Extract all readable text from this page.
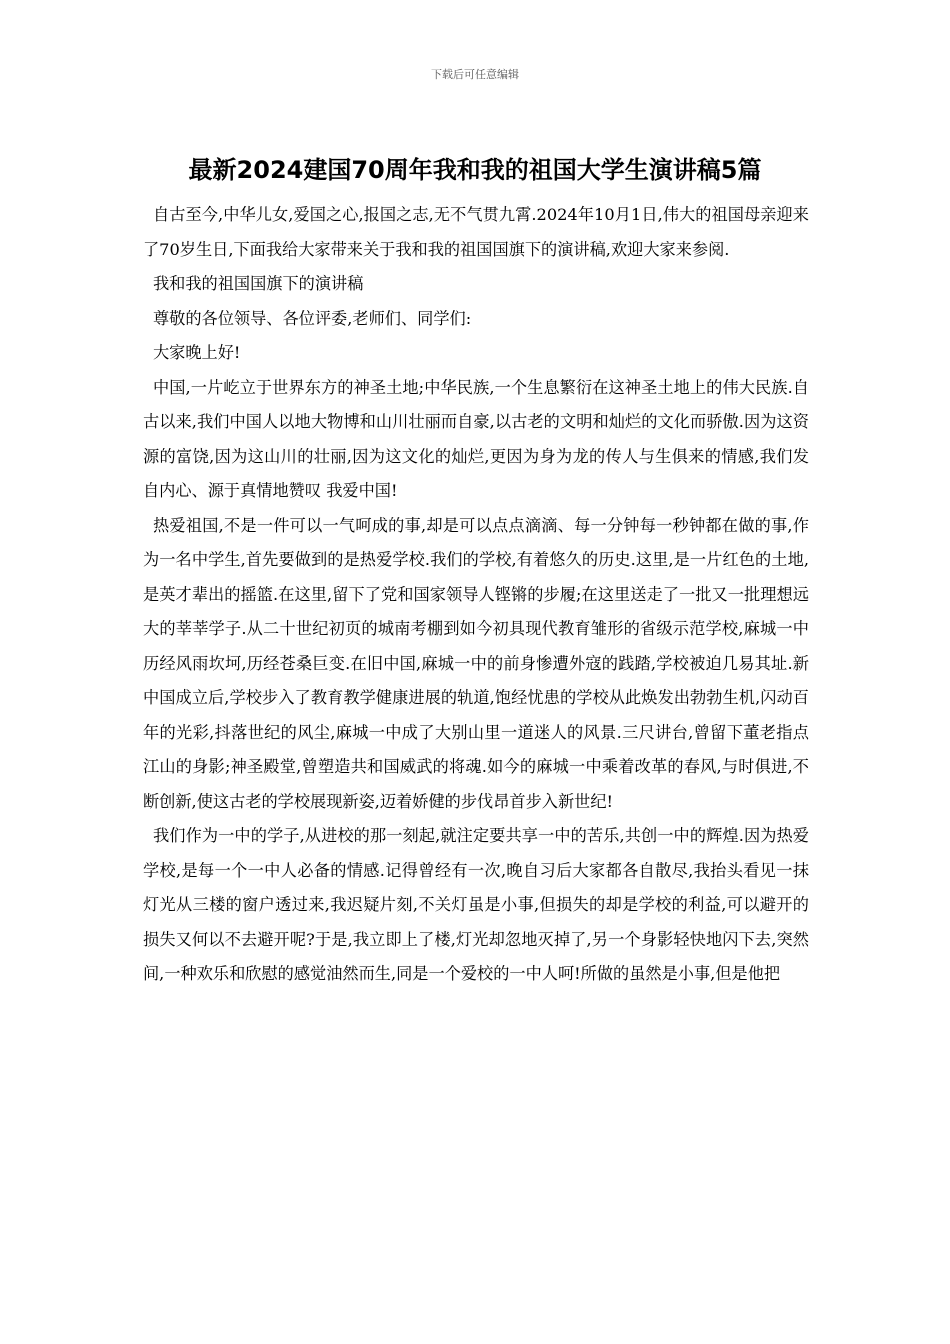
下载后可任意编辑
最新2024建国70周年我和我的祖国大学生演讲稿5篇

自古至今,中华儿女,爱国之心,报国之志,无不气贯九霄.2024年10月1日,伟大的祖国母亲迎来了70岁生日,下面我给大家带来关于我和我的祖国国旗下的演讲稿,欢迎大家来参阅.

我和我的祖国国旗下的演讲稿

尊敬的各位领导、各位评委,老师们、同学们:

大家晚上好!

中国,一片屹立于世界东方的神圣土地;中华民族,一个生息繁衍在这神圣土地上的伟大民族.自古以来,我们中国人以地大物博和山川壮丽而自豪,以古老的文明和灿烂的文化而骄傲.因为这资源的富饶,因为这山川的壮丽,因为这文化的灿烂,更因为身为龙的传人与生俱来的情感,我们发自内心、源于真情地赞叹 我爱中国!

热爱祖国,不是一件可以一气呵成的事,却是可以点点滴滴、每一分钟每一秒钟都在做的事,作为一名中学生,首先要做到的是热爱学校.我们的学校,有着悠久的历史.这里,是一片红色的土地,是英才辈出的摇篮.在这里,留下了党和国家领导人铿锵的步履;在这里送走了一批又一批理想远大的莘莘学子.从二十世纪初页的城南考棚到如今初具现代教育雏形的省级示范学校,麻城一中历经风雨坎坷,历经苍桑巨变.在旧中国,麻城一中的前身惨遭外寇的践踏,学校被迫几易其址.新中国成立后,学校步入了教育教学健康进展的轨道,饱经忧患的学校从此焕发出勃勃生机,闪动百年的光彩,抖落世纪的风尘,麻城一中成了大别山里一道迷人的风景.三尺讲台,曾留下董老指点江山的身影;神圣殿堂,曾塑造共和国威武的将魂.如今的麻城一中乘着改革的春风,与时俱进,不断创新,使这古老的学校展现新姿,迈着娇健的步伐昂首步入新世纪!

我们作为一中的学子,从进校的那一刻起,就注定要共享一中的苦乐,共创一中的辉煌.因为热爱学校,是每一个一中人必备的情感.记得曾经有一次,晚自习后大家都各自散尽,我抬头看见一抹灯光从三楼的窗户透过来,我迟疑片刻,不关灯虽是小事,但损失的却是学校的利益,可以避开的损失又何以不去避开呢?于是,我立即上了楼,灯光却忽地灭掉了,另一个身影轻快地闪下去,突然间,一种欢乐和欣慰的感觉油然而生,同是一个爱校的一中人呵!所做的虽然是小事,但是他把
